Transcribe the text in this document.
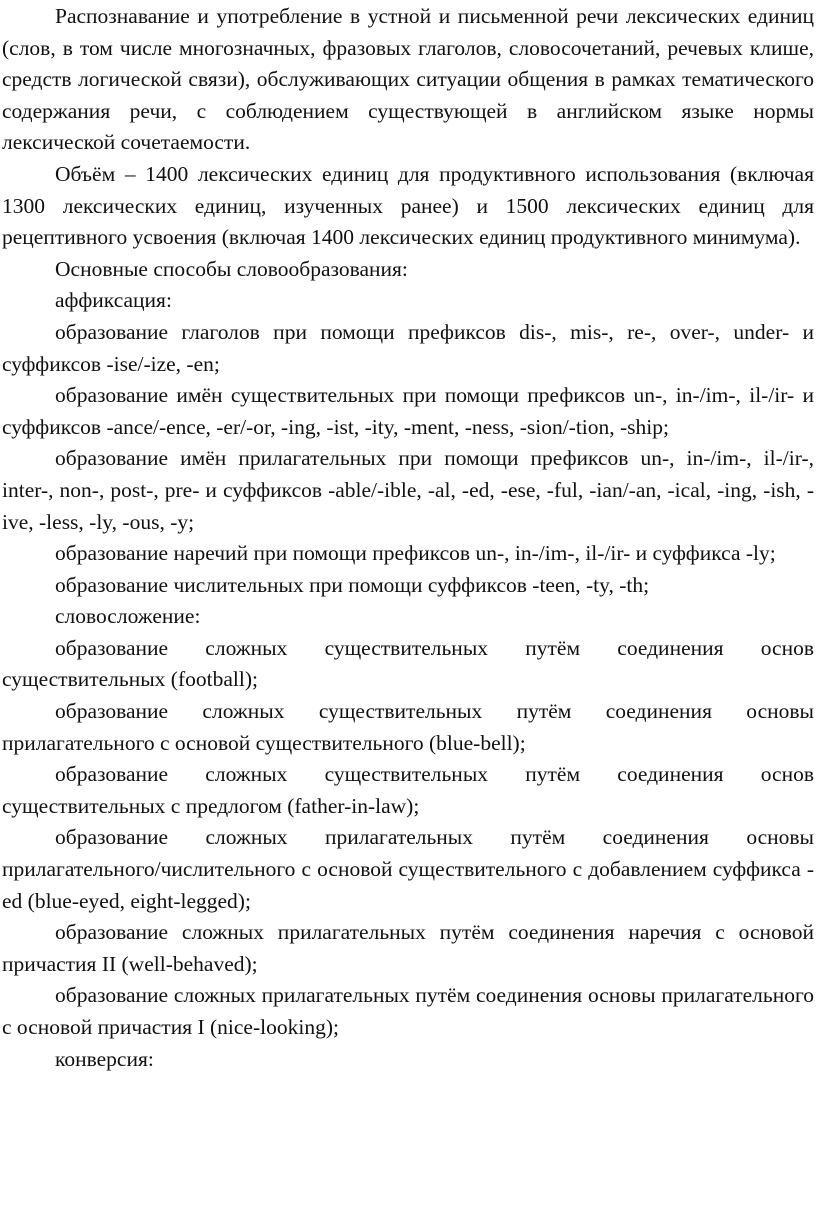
Распознавание и употребление в устной и письменной речи лексических единиц (слов, в том числе многозначных, фразовых глаголов, словосочетаний, речевых клише, средств логической связи), обслуживающих ситуации общения в рамках тематического содержания речи, с соблюдением существующей в английском языке нормы лексической сочетаемости.

Объём – 1400 лексических единиц для продуктивного использования (включая 1300 лексических единиц, изученных ранее) и 1500 лексических единиц для рецептивного усвоения (включая 1400 лексических единиц продуктивного минимума).

Основные способы словообразования:

аффиксация:

образование глаголов при помощи префиксов dis-, mis-, re-, over-, under- и суффиксов -ise/-ize, -en;

образование имён существительных при помощи префиксов un-, in-/im-, il-/ir- и суффиксов -ance/-ence, -er/-or, -ing, -ist, -ity, -ment, -ness, -sion/-tion, -ship;

образование имён прилагательных при помощи префиксов un-, in-/im-, il-/ir-, inter-, non-, post-, pre- и суффиксов -able/-ible, -al, -ed, -ese, -ful, -ian/-an, -ical, -ing, -ish, -ive, -less, -ly, -ous, -y;

образование наречий при помощи префиксов un-, in-/im-, il-/ir- и суффикса -ly;

образование числительных при помощи суффиксов -teen, -ty, -th;

словосложение:

образование сложных существительных путём соединения основ существительных (football);

образование сложных существительных путём соединения основы прилагательного с основой существительного (blue-bell);

образование сложных существительных путём соединения основ существительных с предлогом (father-in-law);

образование сложных прилагательных путём соединения основы прилагательного/числительного с основой существительного с добавлением суффикса -ed (blue-eyed, eight-legged);

образование сложных прилагательных путём соединения наречия с основой причастия II (well-behaved);

образование сложных прилагательных путём соединения основы прилагательного с основой причастия I (nice-looking);

конверсия:
